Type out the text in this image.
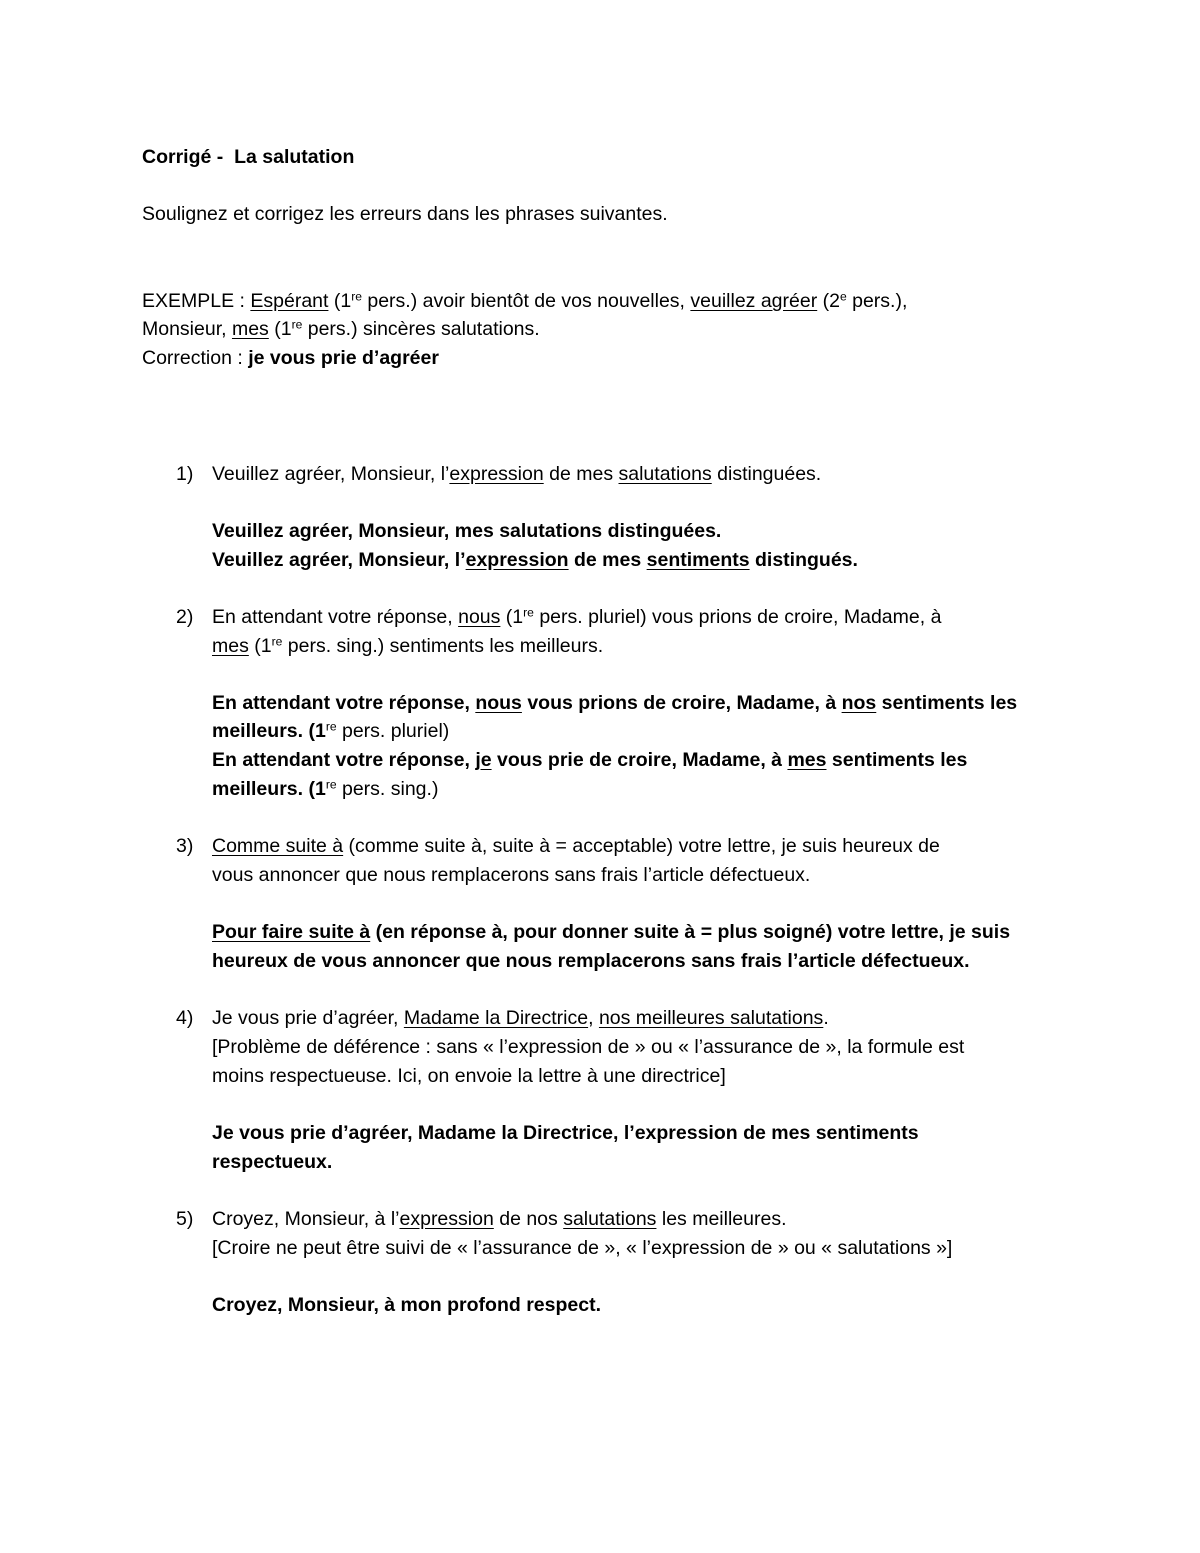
Corrigé - La salutation
Soulignez et corrigez les erreurs dans les phrases suivantes.
EXEMPLE : Espérant (1re pers.) avoir bientôt de vos nouvelles, veuillez agréer (2e pers.),
Monsieur, mes (1re pers.) sincères salutations.
Correction : je vous prie d’agréer
1) Veuillez agréer, Monsieur, l’expression de mes salutations distinguées.
Veuillez agréer, Monsieur, mes salutations distinguées.
Veuillez agréer, Monsieur, l’expression de mes sentiments distingués.
2) En attendant votre réponse, nous (1re pers. pluriel) vous prions de croire, Madame, à
mes (1re pers. sing.) sentiments les meilleurs.
En attendant votre réponse, nous vous prions de croire, Madame, à nos sentiments les
meilleurs. (1re pers. pluriel)
En attendant votre réponse, je vous prie de croire, Madame, à mes sentiments les
meilleurs. (1re pers. sing.)
3) Comme suite à (comme suite à, suite à = acceptable) votre lettre, je suis heureux de
vous annoncer que nous remplacerons sans frais l’article défectueux.
Pour faire suite à (en réponse à, pour donner suite à = plus soigné) votre lettre, je suis
heureux de vous annoncer que nous remplacerons sans frais l’article défectueux.
4) Je vous prie d’agréer, Madame la Directrice, nos meilleures salutations.
[Problème de déférence : sans « l’expression de » ou « l’assurance de », la formule est
moins respectueuse. Ici, on envoie la lettre à une directrice]
Je vous prie d’agréer, Madame la Directrice, l’expression de mes sentiments
respectueux.
5) Croyez, Monsieur, à l’expression de nos salutations les meilleures.
[Croire ne peut être suivi de « l’assurance de », « l’expression de » ou « salutations »]
Croyez, Monsieur, à mon profond respect.
